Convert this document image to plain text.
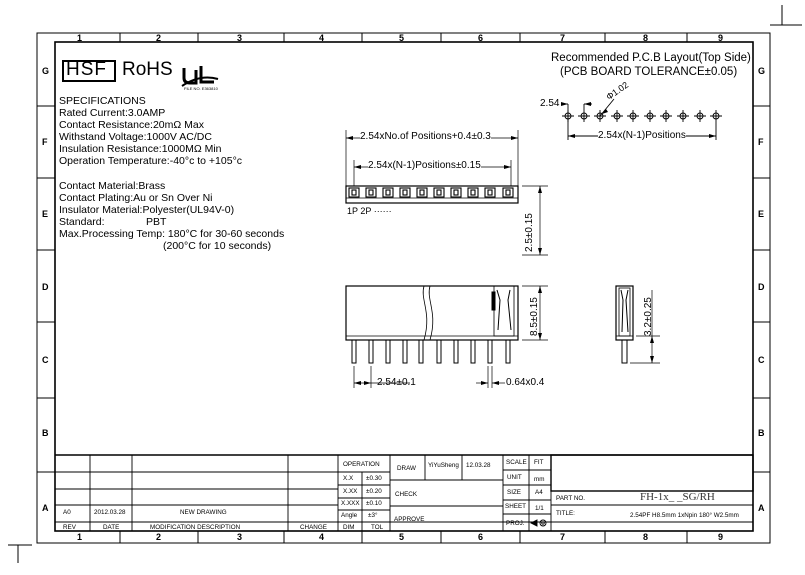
1	2	3	4	5	6	7	8	9
1	2	3	4	5	6	7	8	9
G
F
E
D
C
B
A
G
F
E
D
C
B
A
HSF RoHS
FILE NO. E363810
Recommended P.C.B Layout(Top Side)
(PCB BOARD TOLERANCE±0.05)
SPECIFICATIONS
Rated Current:3.0AMP
Contact Resistance:20mΩ Max
Withstand Voltage:1000V AC/DC
Insulation Resistance:1000MΩ Min
Operation Temperature:-40°c to +105°c
Contact Material:Brass
Contact Plating:Au or Sn Over Ni
Insulator Material:Polyester(UL94V-0)
Standard:	PBT
Max.Processing Temp: 180°C for 30-60 seconds
(200°C for 10 seconds)
2.54xNo.of Positions+0.4±0.3
2.54x(N-1)Positions±0.15
1P 2P ······
2.5±0.15
8.5±0.15
2.54±0.1	0.64x0.4
3.2±0.25
2.54
Φ1.02
2.54x(N-1)Positions
OPERATION
X.X ±0.30
X.XX ±0.20
X.XXX ±0.10
Angle ±3°
DIM	TOL
DRAW YiYuSheng 12.03.28
CHECK
APPROVE
SCALE FIT
UNIT mm
SIZE A4
SHEET 1/1
PROJ.
PART NO.	FH-1x_ _SG/RH
TITLE:	2.54PF H8.5mm 1xNpin 180° W2.5mm
A0	2012.03.28	NEW DRAWING
REV	DATE	MODIFICATION DESCRIPTION	CHANGE
